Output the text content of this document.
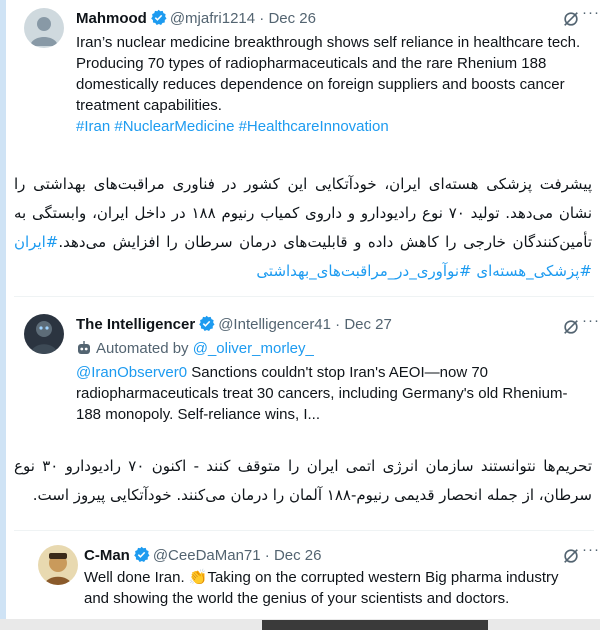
Mahmood @mjafri1214 · Dec 26	···
Iran’s nuclear medicine breakthrough shows self reliance in healthcare tech. Producing 70 types of radiopharmaceuticals and the rare Rhenium 188 domestically reduces dependence on foreign suppliers and boosts cancer treatment capabilities.
#Iran #NuclearMedicine #HealthcareInnovation
پیشرفت پزشکی هسته‌ای ایران، خودآتکایی این کشور در فناوری مراقبت‌های بهداشتی را نشان می‌دهد. تولید ۷۰ نوع رادیودارو و داروی کمیاب رنیوم ۱۸۸ در داخل ایران، وابستگی به تأمین‌کنندگان خارجی را کاهش داده و قابلیت‌های درمان سرطان را افزایش می‌دهد.#ایران #پزشکی_هسته‌ای #نوآوری_در_مراقبت‌های_بهداشتی
The Intelligencer @Intelligencer41 · Dec 27	···
Automated by @_oliver_morley_
@IranObserver0 Sanctions couldn't stop Iran's AEOI—now 70 radiopharmaceuticals treat 30 cancers, including Germany's old Rhenium-188 monopoly. Self-reliance wins, I...
تحریم‌ها نتوانستند سازمان انرژی اتمی ایران را متوقف کنند - اکنون ۷۰ رادیودارو ۳۰ نوع سرطان، از جمله انحصار قدیمی رنیوم-۱۸۸ آلمان را درمان می‌کنند. خودآتکایی پیروز است.
C-Man @CeeDaMan71 · Dec 26	···
Well done Iran. 👏Taking on the corrupted western Big pharma industry and showing the world the genius of your scientists and doctors.
